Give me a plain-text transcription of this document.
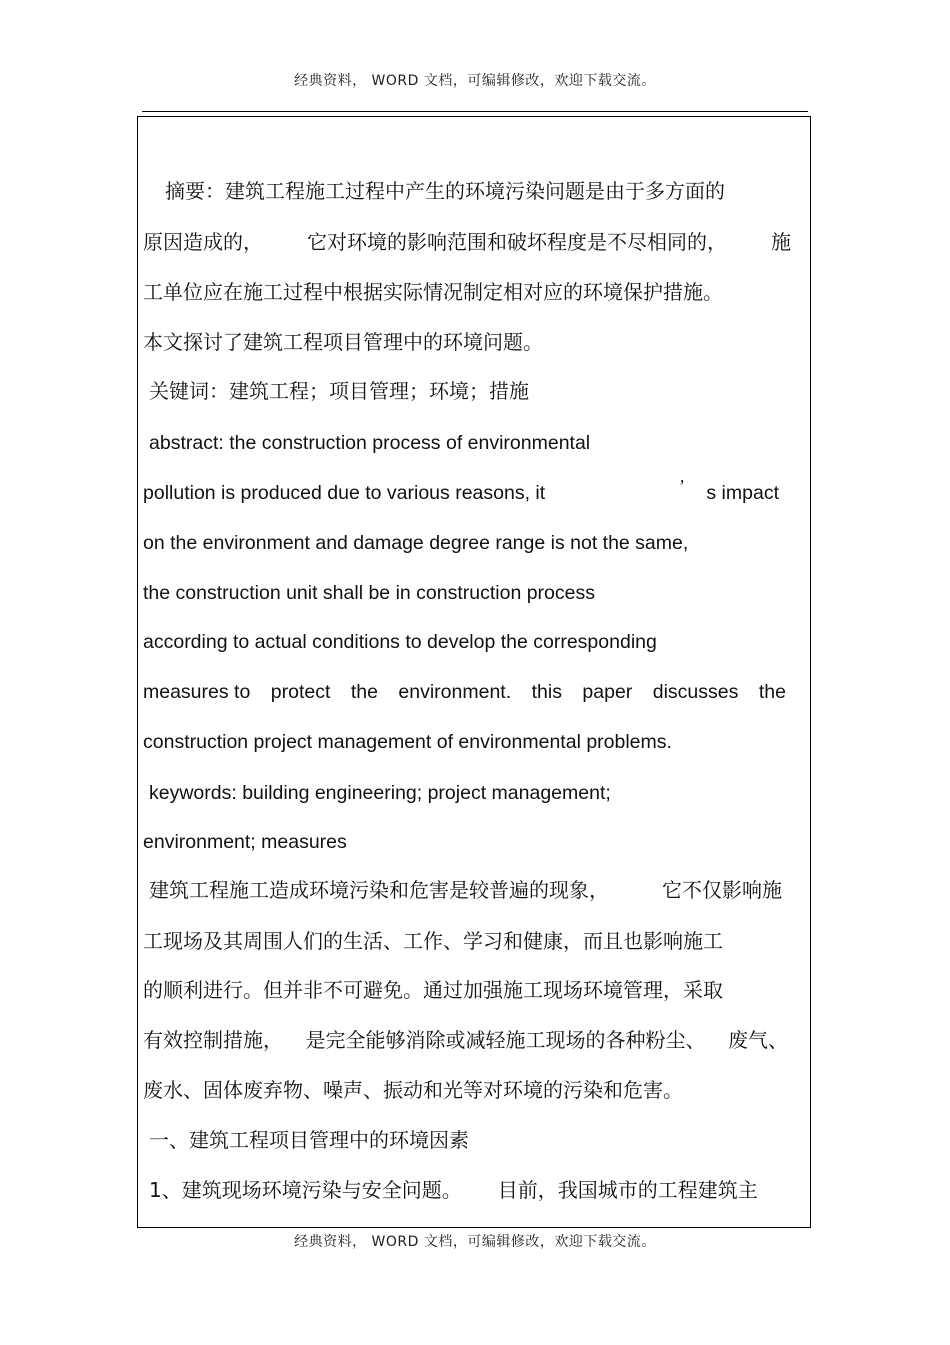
经典资料， WORD 文档，可编辑修改，欢迎下载交流。
摘要：建筑工程施工过程中产生的环境污染问题是由于多方面的
原因造成的， 它对环境的影响范围和破坏程度是不尽相同的， 施
工单位应在施工过程中根据实际情况制定相对应的环境保护措施。
本文探讨了建筑工程项目管理中的环境问题。
关键词：建筑工程；项目管理；环境；措施
abstract: the construction process of environmental
pollution is produced due to various reasons, it	s impact
’
on the environment and damage degree range is not the same,
the construction unit shall be in construction process
according to actual conditions to develop the corresponding
measures to protect the environment. this paper discusses the
construction project management of environmental problems.
keywords: building engineering; project management;
environment; measures
建筑工程施工造成环境污染和危害是较普遍的现象，	它不仅影响施
工现场及其周围人们的生活、工作、学习和健康，而且也影响施工
的顺利进行。但并非不可避免。通过加强施工现场环境管理，采取
有效控制措施， 是完全能够消除或减轻施工现场的各种粉尘、 废气、
废水、固体废弃物、噪声、振动和光等对环境的污染和危害。
一、建筑工程项目管理中的环境因素
1、建筑现场环境污染与安全问题。 目前，我国城市的工程建筑主
经典资料， WORD 文档，可编辑修改，欢迎下载交流。
